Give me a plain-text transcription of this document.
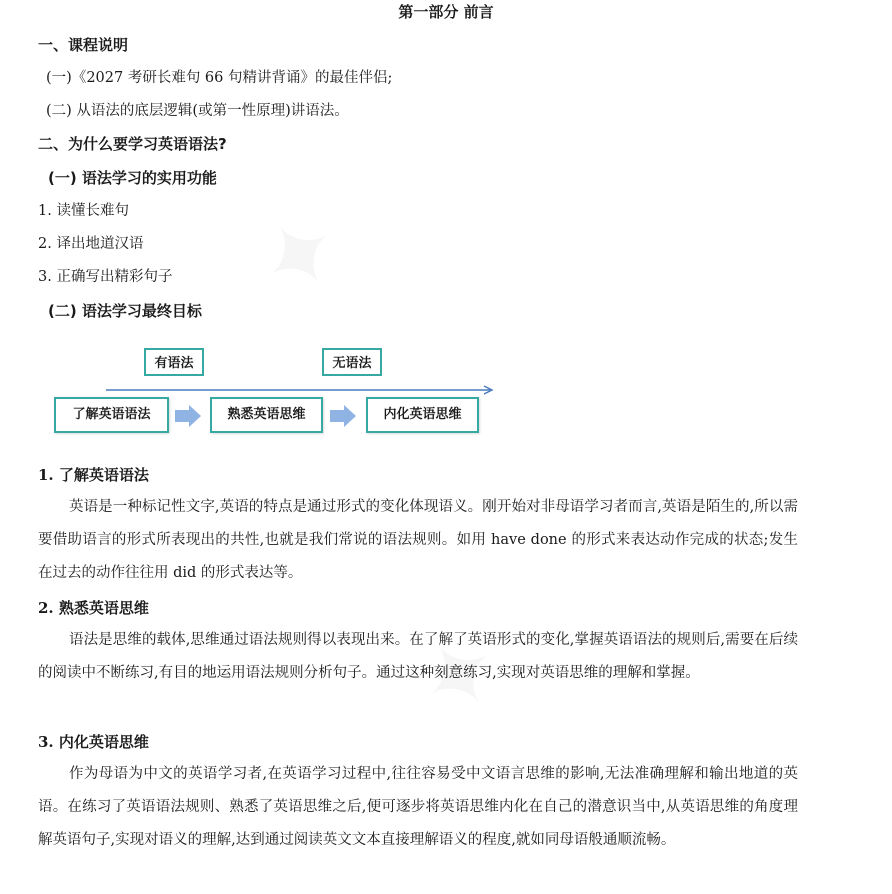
第一部分 前言
一、课程说明
(一)《2027 考研长难句 66 句精讲背诵》的最佳伴侣;
(二) 从语法的底层逻辑(或第一性原理)讲语法。
二、为什么要学习英语语法?
(一) 语法学习的实用功能
1. 读懂长难句
2. 译出地道汉语
3. 正确写出精彩句子
(二) 语法学习最终目标
有语法	无语法
了解英语语法	熟悉英语思维	内化英语思维
1. 了解英语语法
英语是一种标记性文字,英语的特点是通过形式的变化体现语义。刚开始对非母语学习者而言,英语是陌生的,所以需要借助语言的形式所表现出的共性,也就是我们常说的语法规则。如用 have done 的形式来表达动作完成的状态;发生在过去的动作往往用 did 的形式表达等。
2. 熟悉英语思维
语法是思维的载体,思维通过语法规则得以表现出来。在了解了英语形式的变化,掌握英语语法的规则后,需要在后续的阅读中不断练习,有目的地运用语法规则分析句子。通过这种刻意练习,实现对英语思维的理解和掌握。
3. 内化英语思维
作为母语为中文的英语学习者,在英语学习过程中,往往容易受中文语言思维的影响,无法准确理解和输出地道的英语。在练习了英语语法规则、熟悉了英语思维之后,便可逐步将英语思维内化在自己的潜意识当中,从英语思维的角度理解英语句子,实现对语义的理解,达到通过阅读英文文本直接理解语义的程度,就如同母语般通顺流畅。
